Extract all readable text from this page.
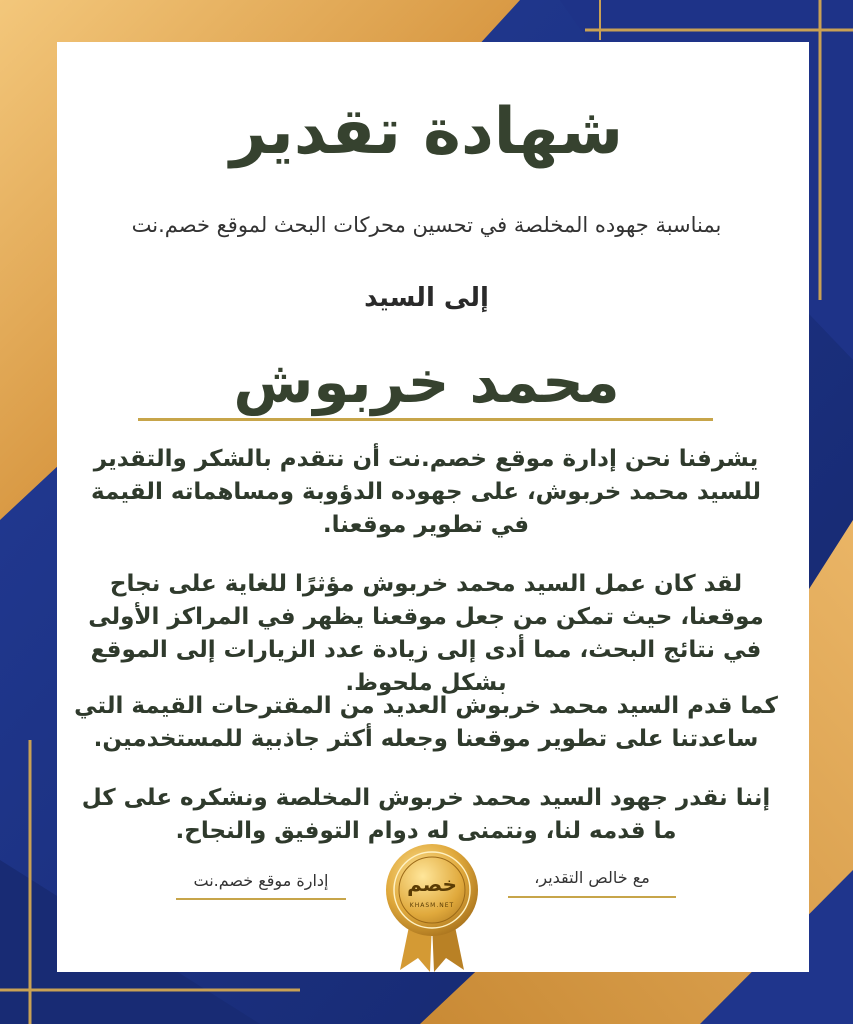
شهادة تقدير

بمناسبة جهوده المخلصة في تحسين محركات البحث لموقع خصم.نت

إلى السيد

محمد خربوش

يشرفنا نحن إدارة موقع خصم.نت أن نتقدم بالشكر والتقدير للسيد محمد خربوش، على جهوده الدؤوبة ومساهماته القيمة في تطوير موقعنا.

لقد كان عمل السيد محمد خربوش مؤثرًا للغاية على نجاح موقعنا، حيث تمكن من جعل موقعنا يظهر في المراكز الأولى في نتائج البحث، مما أدى إلى زيادة عدد الزيارات إلى الموقع بشكل ملحوظ.

كما قدم السيد محمد خربوش العديد من المقترحات القيمة التي ساعدتنا على تطوير موقعنا وجعله أكثر جاذبية للمستخدمين.

إننا نقدر جهود السيد محمد خربوش المخلصة ونشكره على كل ما قدمه لنا، ونتمنى له دوام التوفيق والنجاح.

مع خالص التقدير،
إدارة موقع خصم.نت	خصم
KHASM.NET
